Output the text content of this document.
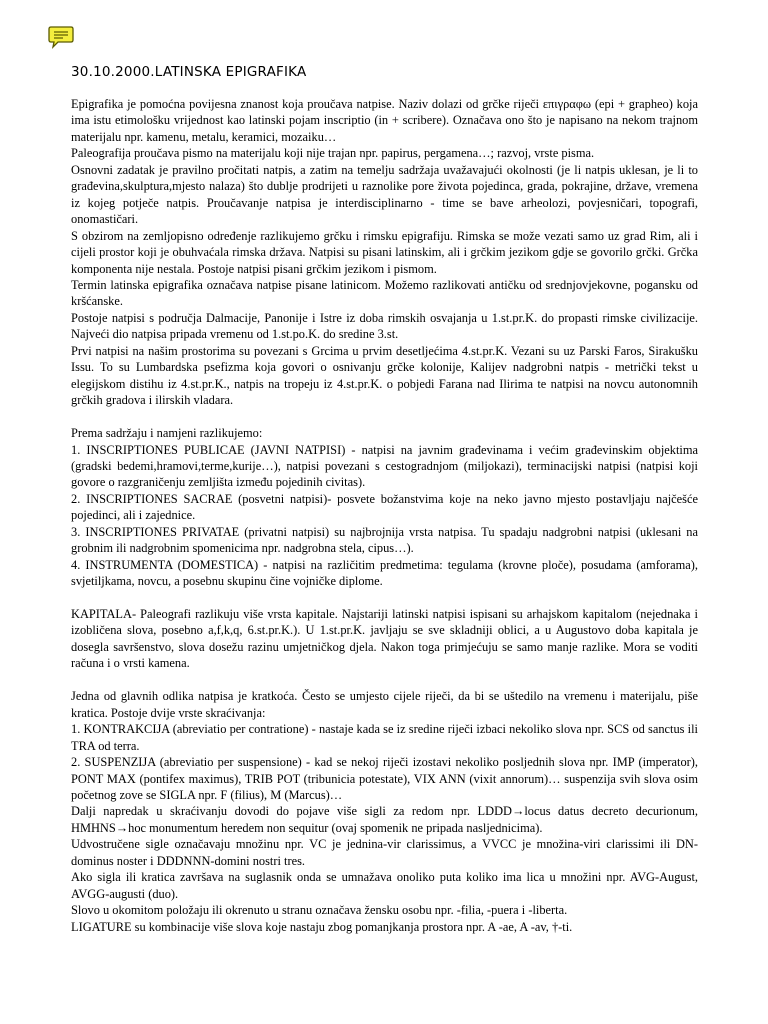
30.10.2000.LATINSKA EPIGRAFIKA

Epigrafika je pomoćna povijesna znanost koja proučava natpise. Naziv dolazi od grčke riječi επιγραφω (epi + grapheo) koja ima istu etimološku vrijednost kao latinski pojam inscriptio (in + scribere). Označava ono što je napisano na nekom trajnom materijalu npr. kamenu, metalu, keramici, mozaiku…

Paleografija proučava pismo na materijalu koji nije trajan npr. papirus, pergamena…; razvoj, vrste pisma.

Osnovni zadatak je pravilno pročitati natpis, a zatim na temelju sadržaja uvažavajući okolnosti (je li natpis uklesan, je li to građevina,skulptura,mjesto nalaza) što dublje prodrijeti u raznolike pore života pojedinca, grada, pokrajine, države, vremena iz kojeg potječe natpis. Proučavanje natpisa je interdisciplinarno - time se bave arheolozi, povjesničari, topografi, onomastičari.

S obzirom na zemljopisno određenje razlikujemo grčku i rimsku epigrafiju. Rimska se može vezati samo uz grad Rim, ali i cijeli prostor koji je obuhvaćala rimska država. Natpisi su pisani latinskim, ali i grčkim jezikom gdje se govorilo grčki. Grčka komponenta nije nestala. Postoje natpisi pisani grčkim jezikom i pismom.

Termin latinska epigrafika označava natpise pisane latinicom. Možemo razlikovati antičku od srednjovjekovne, pogansku od kršćanske.

Postoje natpisi s područja Dalmacije, Panonije i Istre iz doba rimskih osvajanja u 1.st.pr.K. do propasti rimske civilizacije. Najveći dio natpisa pripada vremenu od 1.st.po.K. do sredine 3.st.

Prvi natpisi na našim prostorima su povezani s Grcima u prvim desetljećima 4.st.pr.K. Vezani su uz Parski Faros, Sirakušku Issu. To su Lumbardska psefizma koja govori o osnivanju grčke kolonije, Kalijev nadgrobni natpis - metrički tekst u elegijskom distihu iz 4.st.pr.K., natpis na tropeju iz 4.st.pr.K. o pobjedi Farana nad Ilirima te natpisi na novcu autonomnih grčkih gradova i ilirskih vladara.

Prema sadržaju i namjeni razlikujemo:

1. INSCRIPTIONES PUBLICAE (JAVNI NATPISI) - natpisi na javnim građevinama i većim građevinskim objektima (gradski bedemi,hramovi,terme,kurije…), natpisi povezani s cestogradnjom (miljokazi), terminacijski natpisi (natpisi koji govore o razgraničenju zemljišta između pojedinih civitas).

2. INSCRIPTIONES SACRAE (posvetni natpisi)- posvete božanstvima koje na neko javno mjesto postavljaju najčešće pojedinci, ali i zajednice.

3. INSCRIPTIONES PRIVATAE (privatni natpisi) su najbrojnija vrsta natpisa. Tu spadaju nadgrobni natpisi (uklesani na grobnim ili nadgrobnim spomenicima npr. nadgrobna stela, cipus…).

4. INSTRUMENTA (DOMESTICA) - natpisi na različitim predmetima: tegulama (krovne ploče), posudama (amforama), svjetiljkama, novcu, a posebnu skupinu čine vojničke diplome.

KAPITALA- Paleografi razlikuju više vrsta kapitale. Najstariji latinski natpisi ispisani su arhajskom kapitalom (nejednaka i izobličena slova, posebno a,f,k,q, 6.st.pr.K.). U 1.st.pr.K. javljaju se sve skladniji oblici, a u Augustovo doba kapitala je dosegla savršenstvo, slova dosežu razinu umjetničkog djela. Nakon toga primjećuju se samo manje razlike. Mora se voditi računa i o vrsti kamena.

Jedna od glavnih odlika natpisa je kratkoća. Često se umjesto cijele riječi, da bi se uštedilo na vremenu i materijalu, piše kratica. Postoje dvije vrste skraćivanja:

1. KONTRAKCIJA (abreviatio per contratione) - nastaje kada se iz sredine riječi izbaci nekoliko slova npr. SCS od sanctus ili TRA od terra.

2. SUSPENZIJA (abreviatio per suspensione) - kad se nekoj riječi izostavi nekoliko posljednih slova npr. IMP (imperator), PONT MAX (pontifex maximus), TRIB POT (tribunicia potestate), VIX ANN (vixit annorum)… suspenzija svih slova osim početnog zove se SIGLA npr. F (filius), M (Marcus)…

Dalji napredak u skraćivanju dovodi do pojave više sigli za redom npr. LDDD→locus datus decreto decurionum, HMHNS→hoc monumentum heredem non sequitur (ovaj spomenik ne pripada nasljednicima).

Udvostručene sigle označavaju množinu npr. VC je jednina-vir clarissimus, a VVCC je množina-viri clarissimi ili DN-dominus noster i DDDNNN-domini nostri tres.

Ako sigla ili kratica završava na suglasnik onda se umnažava onoliko puta koliko ima lica u množini npr. AVG-August, AVGG-augusti (duo).

Slovo u okomitom položaju ili okrenuto u stranu označava žensku osobu npr. -filia, -puera i -liberta.

LIGATURE su kombinacije više slova koje nastaju zbog pomanjkanja prostora npr. A -ae, A -av, †-ti.
